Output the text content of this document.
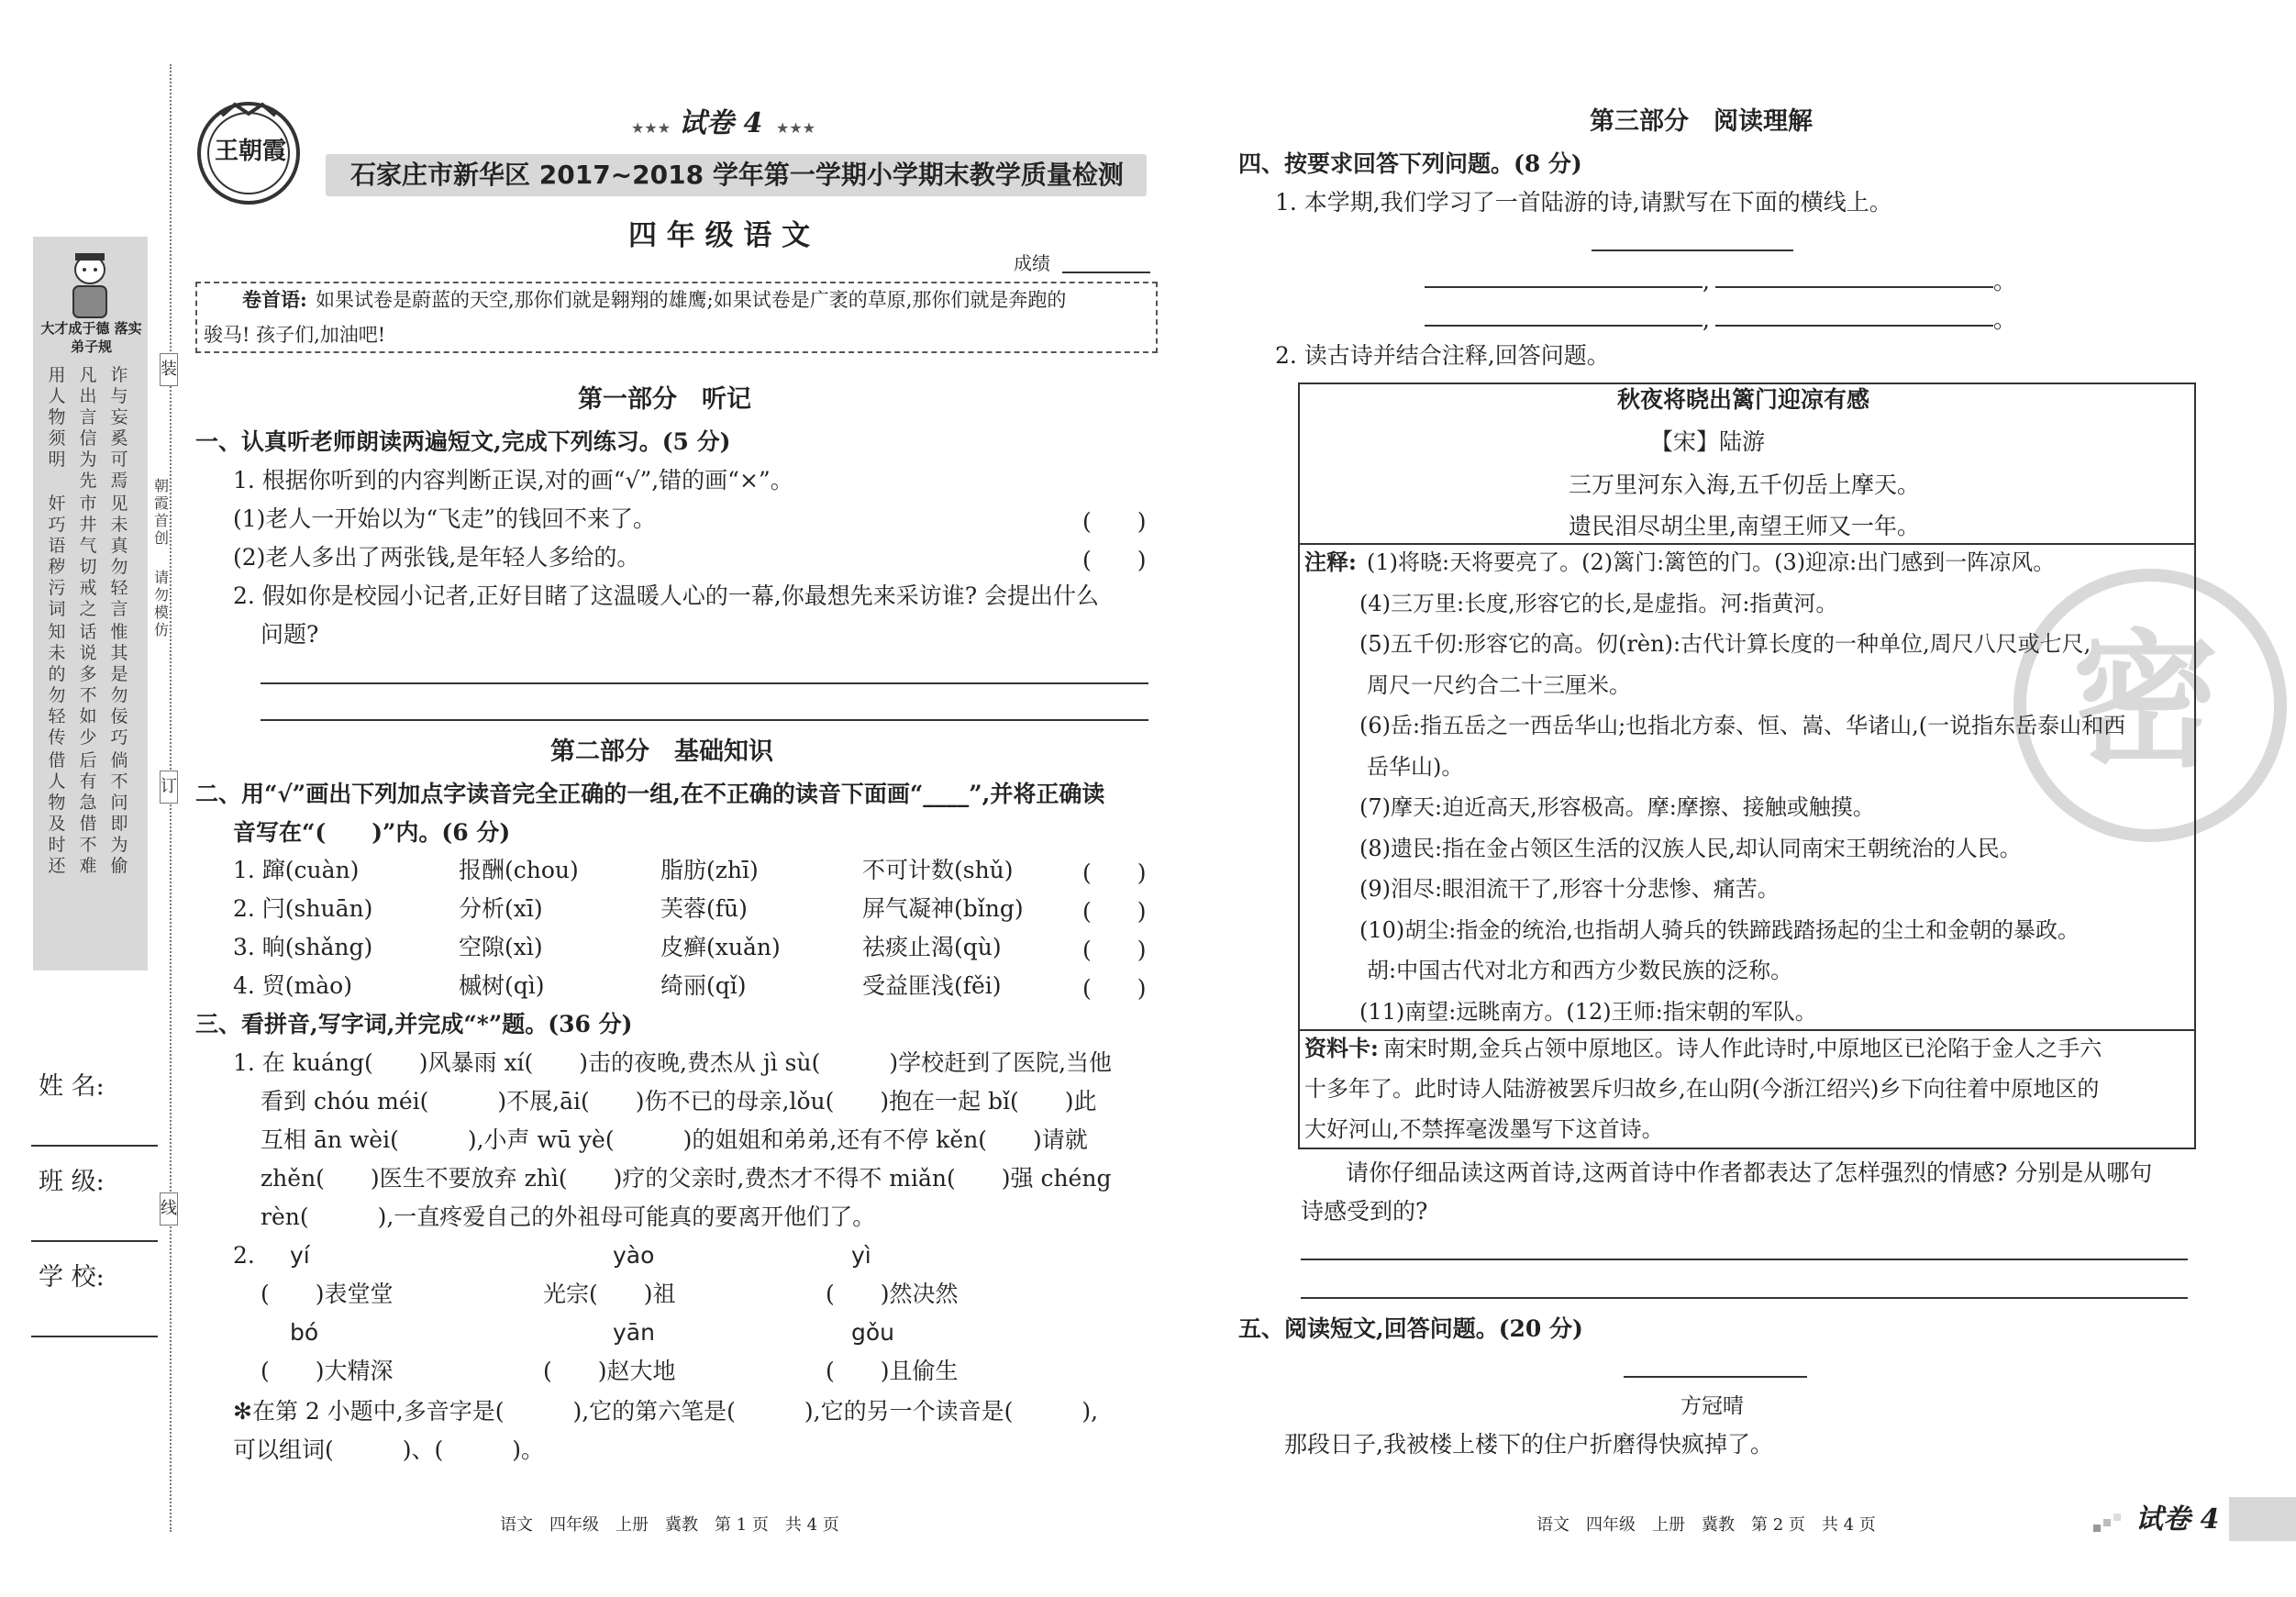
大才成于德 落实弟子规
用人物须明
凡出言信为先
诈与妄奚可焉
奸巧语秽污词
市井气切戒之
见未真勿轻言
知未的勿轻传
话说多不如少
惟其是勿佞巧
借人物及时还
后有急借不难
倘不问即为偷
装
订
线
朝霞首创
请勿模仿
姓 名:
班 级:
学 校:
王朝霞
★★★ 试卷 4 ★★★
石家庄市新华区 2017~2018 学年第一学期小学期末教学质量检测
四 年 级 语 文
成绩
卷首语: 如果试卷是蔚蓝的天空,那你们就是翱翔的雄鹰;如果试卷是广袤的草原,那你们就是奔跑的
骏马! 孩子们,加油吧!
第一部分　听记
一、认真听老师朗读两遍短文,完成下列练习。(5 分)
1. 根据你听到的内容判断正误,对的画“√”,错的画“×”。
(1)老人一开始以为“飞走”的钱回不来了。	(　　)
(2)老人多出了两张钱,是年轻人多给的。	(　　)
2. 假如你是校园小记者,正好目睹了这温暖人心的一幕,你最想先来采访谁? 会提出什么
问题?
第二部分　基础知识
二、用“√”画出下列加点字读音完全正确的一组,在不正确的读音下面画“____”,并将正确读
音写在“(　　)”内。(6 分)
1. 蹿(cuàn)	报酬(chou)	脂肪(zhī)	不可计数(shǔ)	(　　)
2. 闩(shuān)	分析(xī)	芙蓉(fū)	屏气凝神(bǐng)	(　　)
3. 晌(shǎng)	空隙(xì)	皮癣(xuǎn)	祛痰止渴(qù)	(　　)
4. 贸(mào)	槭树(qì)	绮丽(qǐ)	受益匪浅(fěi)	(　　)
三、看拼音,写字词,并完成“*”题。(36 分)
1. 在 kuáng(　　)风暴雨 xí(　　)击的夜晚,费杰从 jì sù(　　　)学校赶到了医院,当他
看到 chóu méi(　　　)不展,āi(　　)伤不已的母亲,lǒu(　　)抱在一起 bǐ(　　)此
互相 ān wèi(　　　),小声 wū yè(　　　)的姐姐和弟弟,还有不停 kěn(　　)请就
zhěn(　　)医生不要放弃 zhì(　　)疗的父亲时,费杰才不得不 miǎn(　　)强 chéng
rèn(　　　),一直疼爱自己的外祖母可能真的要离开他们了。
2. yí
(　　)表堂堂
yào
光宗(　　)祖
yì
(　　)然决然
bó
(　　)大精深
yān
(　　)赵大地
gǒu
(　　)且偷生
✻在第 2 小题中,多音字是(　　　),它的第六笔是(　　　),它的另一个读音是(　　　),
可以组词(　　　)、(　　　)。
语文　四年级　上册　冀教　第 1 页　共 4 页
密
第三部分　阅读理解
四、按要求回答下列问题。(8 分)
1. 本学期,我们学习了一首陆游的诗,请默写在下面的横线上。
,	。
,	。
2. 读古诗并结合注释,回答问题。
秋夜将晓出篱门迎凉有感
【宋】陆游
三万里河东入海,五千仞岳上摩天。
遗民泪尽胡尘里,南望王师又一年。
注释: (1)将晓:天将要亮了。(2)篱门:篱笆的门。(3)迎凉:出门感到一阵凉风。
(4)三万里:长度,形容它的长,是虚指。河:指黄河。
(5)五千仞:形容它的高。仞(rèn):古代计算长度的一种单位,周尺八尺或七尺,
周尺一尺约合二十三厘米。
(6)岳:指五岳之一西岳华山;也指北方泰、恒、嵩、华诸山,(一说指东岳泰山和西
岳华山)。
(7)摩天:迫近高天,形容极高。摩:摩擦、接触或触摸。
(8)遗民:指在金占领区生活的汉族人民,却认同南宋王朝统治的人民。
(9)泪尽:眼泪流干了,形容十分悲惨、痛苦。
(10)胡尘:指金的统治,也指胡人骑兵的铁蹄践踏扬起的尘土和金朝的暴政。
胡:中国古代对北方和西方少数民族的泛称。
(11)南望:远眺南方。(12)王师:指宋朝的军队。
资料卡: 南宋时期,金兵占领中原地区。诗人作此诗时,中原地区已沦陷于金人之手六
十多年了。此时诗人陆游被罢斥归故乡,在山阴(今浙江绍兴)乡下向往着中原地区的
大好河山,不禁挥毫泼墨写下这首诗。
请你仔细品读这两首诗,这两首诗中作者都表达了怎样强烈的情感? 分别是从哪句
诗感受到的?
五、阅读短文,回答问题。(20 分)
方冠晴
那段日子,我被楼上楼下的住户折磨得快疯掉了。
语文　四年级　上册　冀教　第 2 页　共 4 页	试卷 4
